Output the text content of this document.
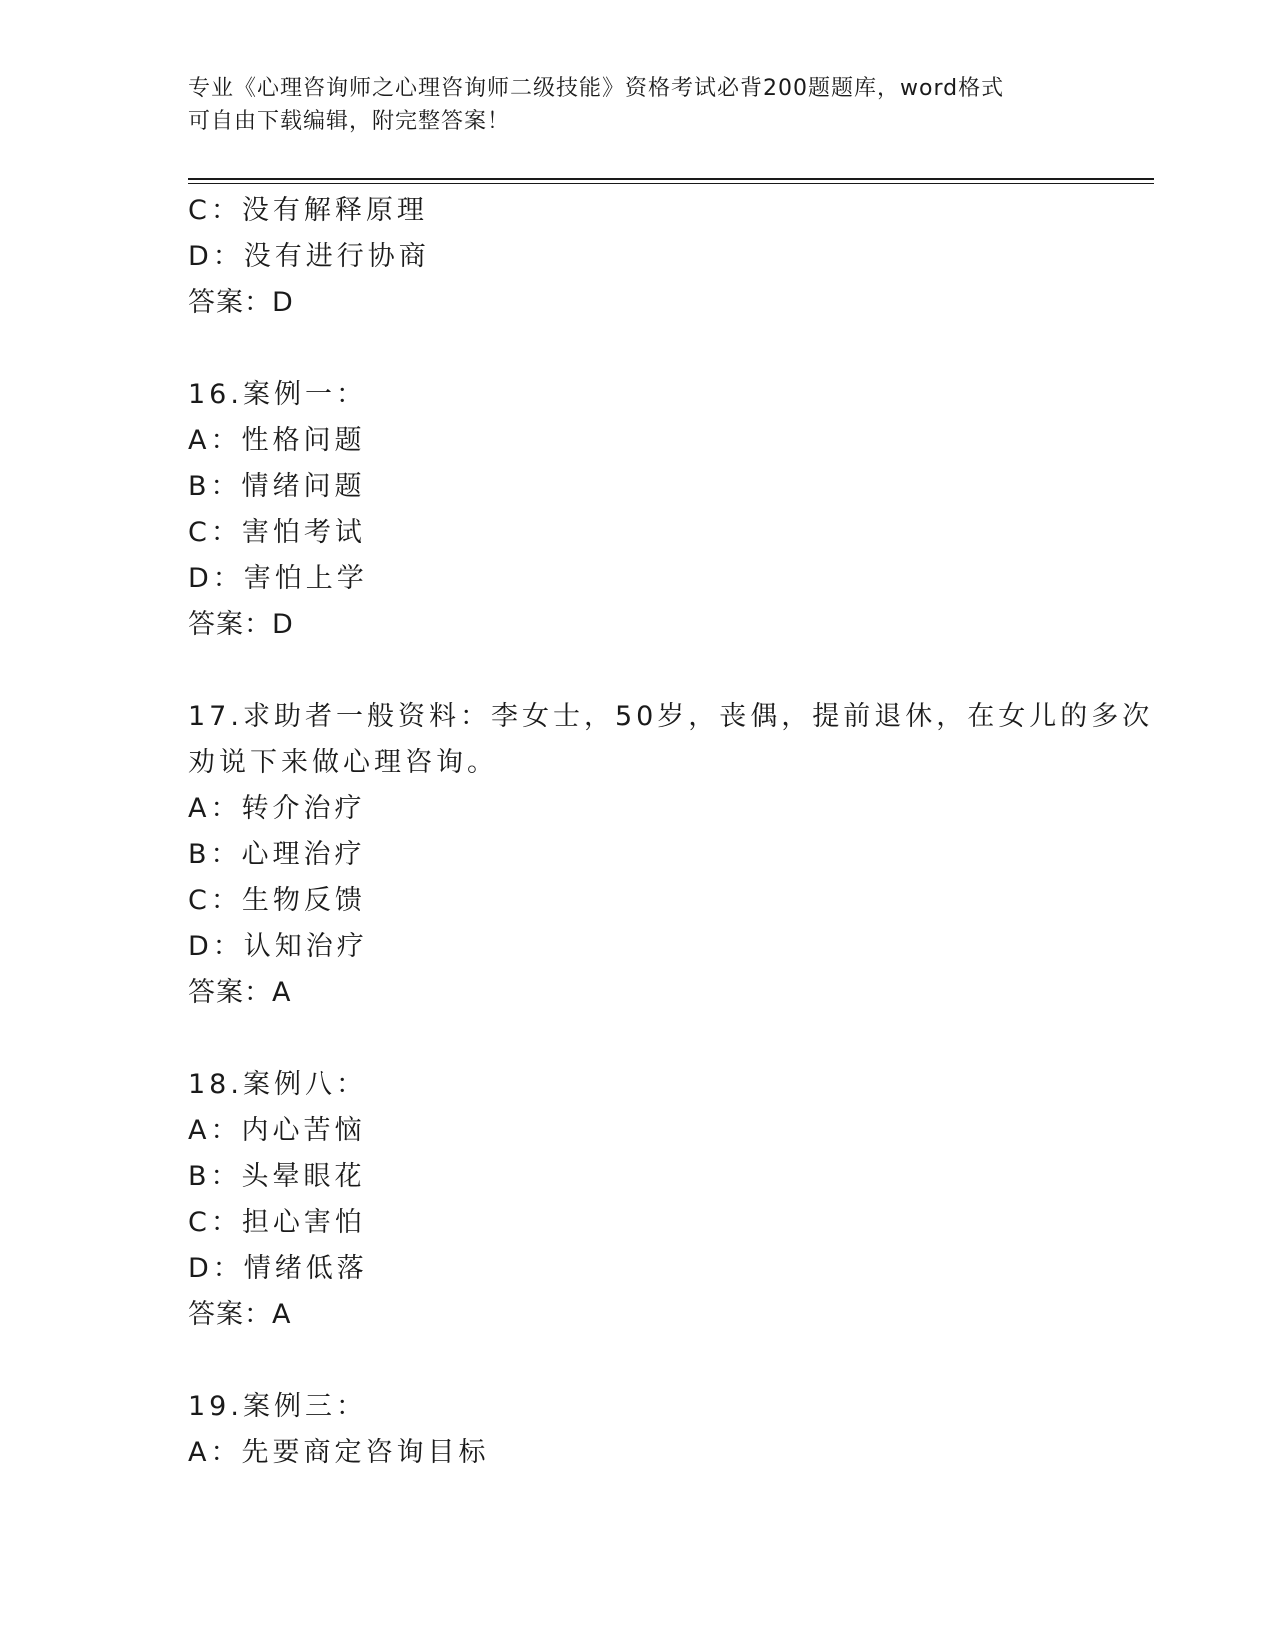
专业《心理咨询师之心理咨询师二级技能》资格考试必背200题题库，word格式
可自由下载编辑，附完整答案！
C：没有解释原理
D：没有进行协商
答案：D
16.案例一：
A：性格问题
B：情绪问题
C：害怕考试
D：害怕上学
答案：D
17.求助者一般资料：李女士，50岁，丧偶，提前退休，在女儿的多次
劝说下来做心理咨询。
A：转介治疗
B：心理治疗
C：生物反馈
D：认知治疗
答案：A
18.案例八：
A：内心苦恼
B：头晕眼花
C：担心害怕
D：情绪低落
答案：A
19.案例三：
A：先要商定咨询目标
